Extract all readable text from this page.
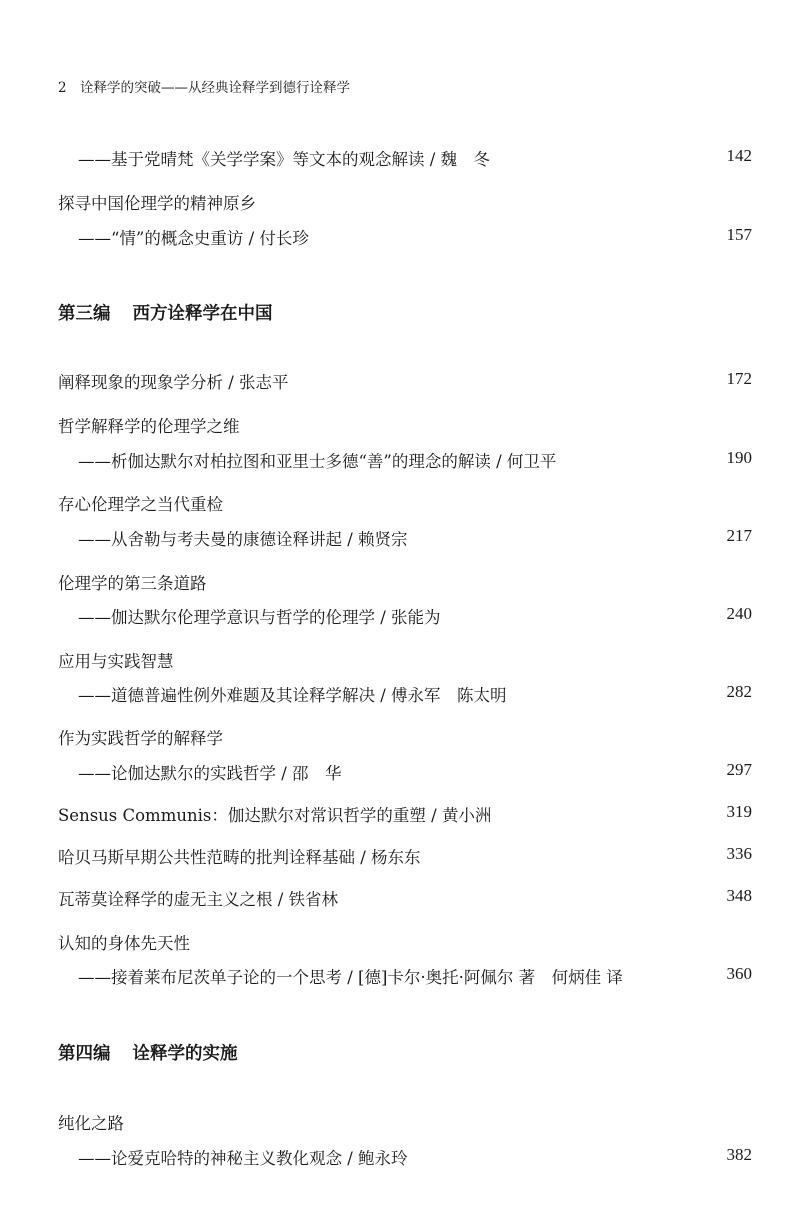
2 诠释学的突破——从经典诠释学到德行诠释学
——基于党晴梵《关学学案》等文本的观念解读 / 魏　冬	142
探寻中国伦理学的精神原乡
——“情”的概念史重访 / 付长珍	157
第三编 西方诠释学在中国
阐释现象的现象学分析 / 张志平	172
哲学解释学的伦理学之维
——析伽达默尔对柏拉图和亚里士多德“善”的理念的解读 / 何卫平	190
存心伦理学之当代重检
——从舍勒与考夫曼的康德诠释讲起 / 赖贤宗	217
伦理学的第三条道路
——伽达默尔伦理学意识与哲学的伦理学 / 张能为	240
应用与实践智慧
——道德普遍性例外难题及其诠释学解决 / 傅永军　陈太明	282
作为实践哲学的解释学
——论伽达默尔的实践哲学 / 邵　华	297
Sensus Communis：伽达默尔对常识哲学的重塑 / 黄小洲	319
哈贝马斯早期公共性范畴的批判诠释基础 / 杨东东	336
瓦蒂莫诠释学的虚无主义之根 / 铁省林	348
认知的身体先天性
——接着莱布尼茨单子论的一个思考 / [德]卡尔·奥托·阿佩尔 著　何炳佳 译	360
第四编 诠释学的实施
纯化之路
——论爱克哈特的神秘主义教化观念 / 鲍永玲	382
